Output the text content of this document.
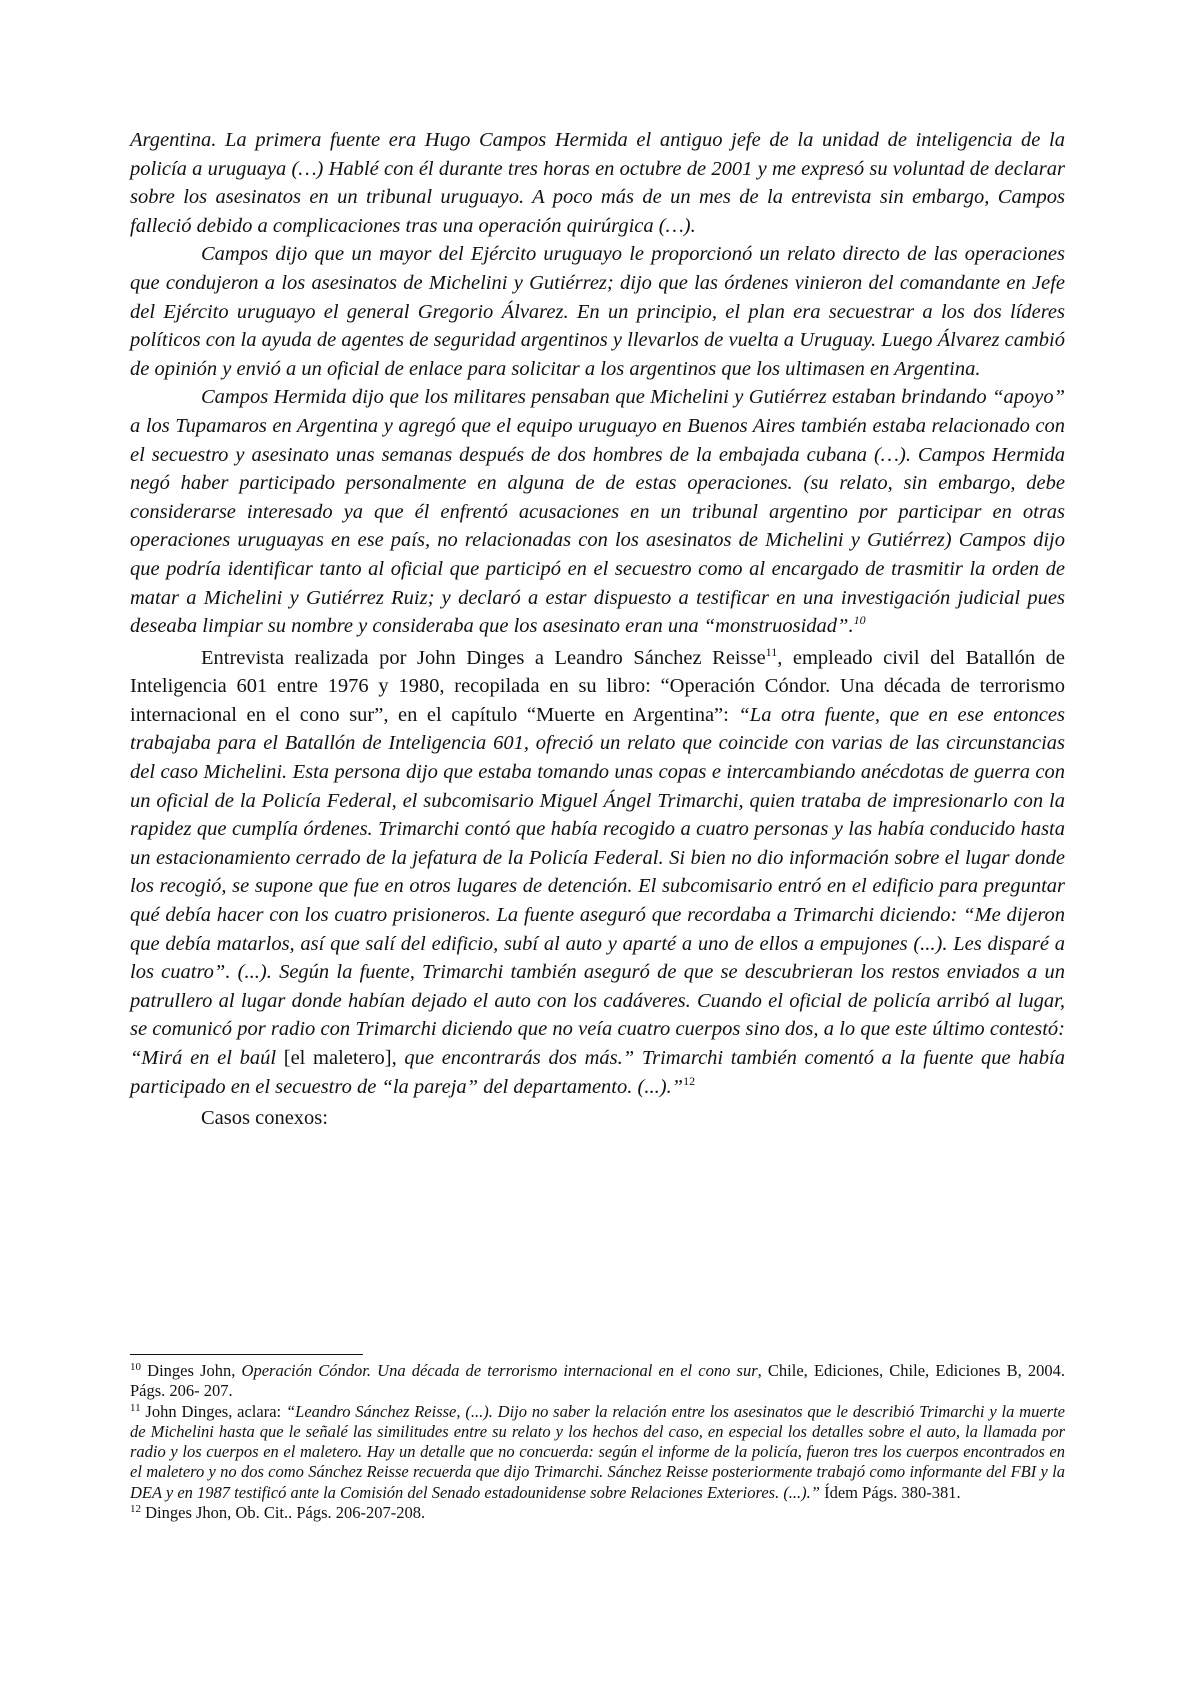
Argentina. La primera fuente era Hugo Campos Hermida el antiguo jefe de la unidad de inteligencia de la policía a uruguaya (…) Hablé con él durante tres horas en octubre de 2001 y me expresó su voluntad de declarar sobre los asesinatos en un tribunal uruguayo. A poco más de un mes de la entrevista sin embargo, Campos falleció debido a complicaciones tras una operación quirúrgica (…).

Campos dijo que un mayor del Ejército uruguayo le proporcionó un relato directo de las operaciones que condujeron a los asesinatos de Michelini y Gutiérrez; dijo que las órdenes vinieron del comandante en Jefe del Ejército uruguayo el general Gregorio Álvarez. En un principio, el plan era secuestrar a los dos líderes políticos con la ayuda de agentes de seguridad argentinos y llevarlos de vuelta a Uruguay. Luego Álvarez cambió de opinión y envió a un oficial de enlace para solicitar a los argentinos que los ultimasen en Argentina.

Campos Hermida dijo que los militares pensaban que Michelini y Gutiérrez estaban brindando “apoyo” a los Tupamaros en Argentina y agregó que el equipo uruguayo en Buenos Aires también estaba relacionado con el secuestro y asesinato unas semanas después de dos hombres de la embajada cubana (…). Campos Hermida negó haber participado personalmente en alguna de de estas operaciones. (su relato, sin embargo, debe considerarse interesado ya que él enfrentó acusaciones en un tribunal argentino por participar en otras operaciones uruguayas en ese país, no relacionadas con los asesinatos de Michelini y Gutiérrez) Campos dijo que podría identificar tanto al oficial que participó en el secuestro como al encargado de trasmitir la orden de matar a Michelini y Gutiérrez Ruiz; y declaró a estar dispuesto a testificar en una investigación judicial pues deseaba limpiar su nombre y consideraba que los asesinato eran una “monstruosidad”.$^{10}$

Entrevista realizada por John Dinges a Leandro Sánchez Reisse$^{11}$, empleado civil del Batallón de Inteligencia 601 entre 1976 y 1980, recopilada en su libro: “Operación Cóndor. Una década de terrorismo internacional en el cono sur”, en el capítulo “Muerte en Argentina”: “La otra fuente, que en ese entonces trabajaba para el Batallón de Inteligencia 601, ofreció un relato que coincide con varias de las circunstancias del caso Michelini. Esta persona dijo que estaba tomando unas copas e intercambiando anécdotas de guerra con un oficial de la Policía Federal, el subcomisario Miguel Ángel Trimarchi, quien trataba de impresionarlo con la rapidez que cumplía órdenes. Trimarchi contó que había recogido a cuatro personas y las había conducido hasta un estacionamiento cerrado de la jefatura de la Policía Federal. Si bien no dio información sobre el lugar donde los recogió, se supone que fue en otros lugares de detención. El subcomisario entró en el edificio para preguntar qué debía hacer con los cuatro prisioneros. La fuente aseguró que recordaba a Trimarchi diciendo: “Me dijeron que debía matarlos, así que salí del edificio, subí al auto y aparté a uno de ellos a empujones (...). Les disparé a los cuatro”. (...). Según la fuente, Trimarchi también aseguró de que se descubrieran los restos enviados a un patrullero al lugar donde habían dejado el auto con los cadáveres. Cuando el oficial de policía arribó al lugar, se comunicó por radio con Trimarchi diciendo que no veía cuatro cuerpos sino dos, a lo que este último contestó: “Mirá en el baúl [el maletero], que encontrarás dos más.” Trimarchi también comentó a la fuente que había participado en el secuestro de “la pareja” del departamento. (...).”$^{12}$

Casos conexos:

$^{10}$ Dinges John, Operación Cóndor. Una década de terrorismo internacional en el cono sur, Chile, Ediciones, Chile, Ediciones B, 2004. Págs. 206- 207.

$^{11}$ John Dinges, aclara: “Leandro Sánchez Reisse, (...). Dijo no saber la relación entre los asesinatos que le describió Trimarchi y la muerte de Michelini hasta que le señalé las similitudes entre su relato y los hechos del caso, en especial los detalles sobre el auto, la llamada por radio y los cuerpos en el maletero. Hay un detalle que no concuerda: según el informe de la policía, fueron tres los cuerpos encontrados en el maletero y no dos como Sánchez Reisse recuerda que dijo Trimarchi. Sánchez Reisse posteriormente trabajó como informante del FBI y la DEA y en 1987 testificó ante la Comisión del Senado estadounidense sobre Relaciones Exteriores. (...).” Ídem Págs. 380-381.

$^{12}$ Dinges Jhon, Ob. Cit.. Págs. 206-207-208.
